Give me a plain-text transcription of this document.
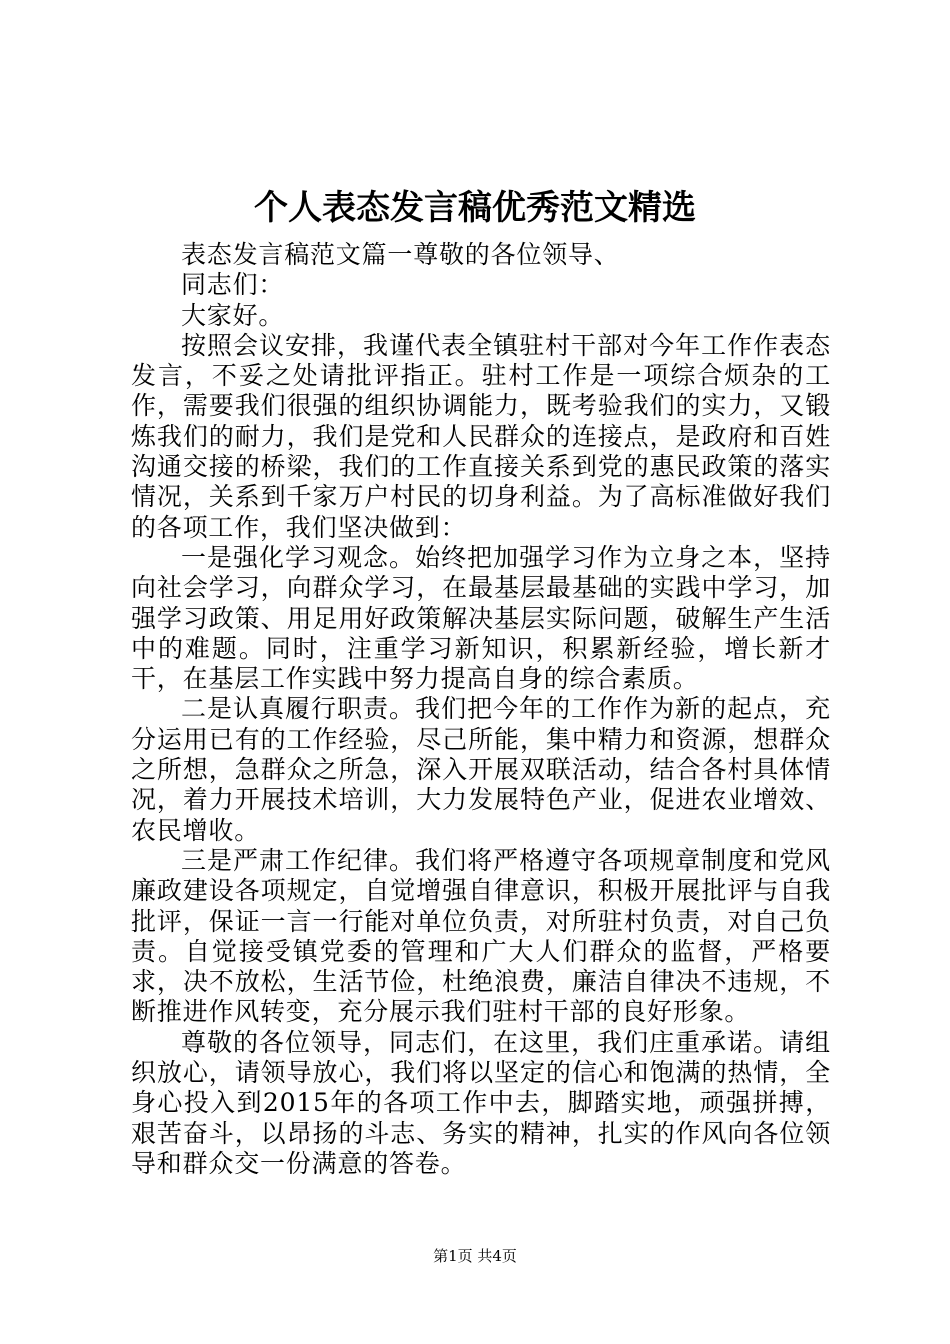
个人表态发言稿优秀范文精选

表态发言稿范文篇一尊敬的各位领导、

同志们：

大家好。

按照会议安排，我谨代表全镇驻村干部对今年工作作表态发言，不妥之处请批评指正。驻村工作是一项综合烦杂的工作，需要我们很强的组织协调能力，既考验我们的实力，又锻炼我们的耐力，我们是党和人民群众的连接点，是政府和百姓沟通交接的桥梁，我们的工作直接关系到党的惠民政策的落实情况，关系到千家万户村民的切身利益。为了高标准做好我们的各项工作，我们坚决做到：

一是强化学习观念。始终把加强学习作为立身之本，坚持向社会学习，向群众学习，在最基层最基础的实践中学习，加强学习政策、用足用好政策解决基层实际问题，破解生产生活中的难题。同时，注重学习新知识，积累新经验，增长新才干，在基层工作实践中努力提高自身的综合素质。

二是认真履行职责。我们把今年的工作作为新的起点，充分运用已有的工作经验，尽己所能，集中精力和资源，想群众之所想，急群众之所急，深入开展双联活动，结合各村具体情况，着力开展技术培训，大力发展特色产业，促进农业增效、农民增收。

三是严肃工作纪律。我们将严格遵守各项规章制度和党风廉政建设各项规定，自觉增强自律意识，积极开展批评与自我批评，保证一言一行能对单位负责，对所驻村负责，对自己负责。自觉接受镇党委的管理和广大人们群众的监督，严格要求，决不放松，生活节俭，杜绝浪费，廉洁自律决不违规，不断推进作风转变，充分展示我们驻村干部的良好形象。

尊敬的各位领导，同志们，在这里，我们庄重承诺。请组织放心，请领导放心，我们将以坚定的信心和饱满的热情，全身心投入到2015年的各项工作中去，脚踏实地，顽强拼搏，艰苦奋斗，以昂扬的斗志、务实的精神，扎实的作风向各位领导和群众交一份满意的答卷。

第1页 共4页
